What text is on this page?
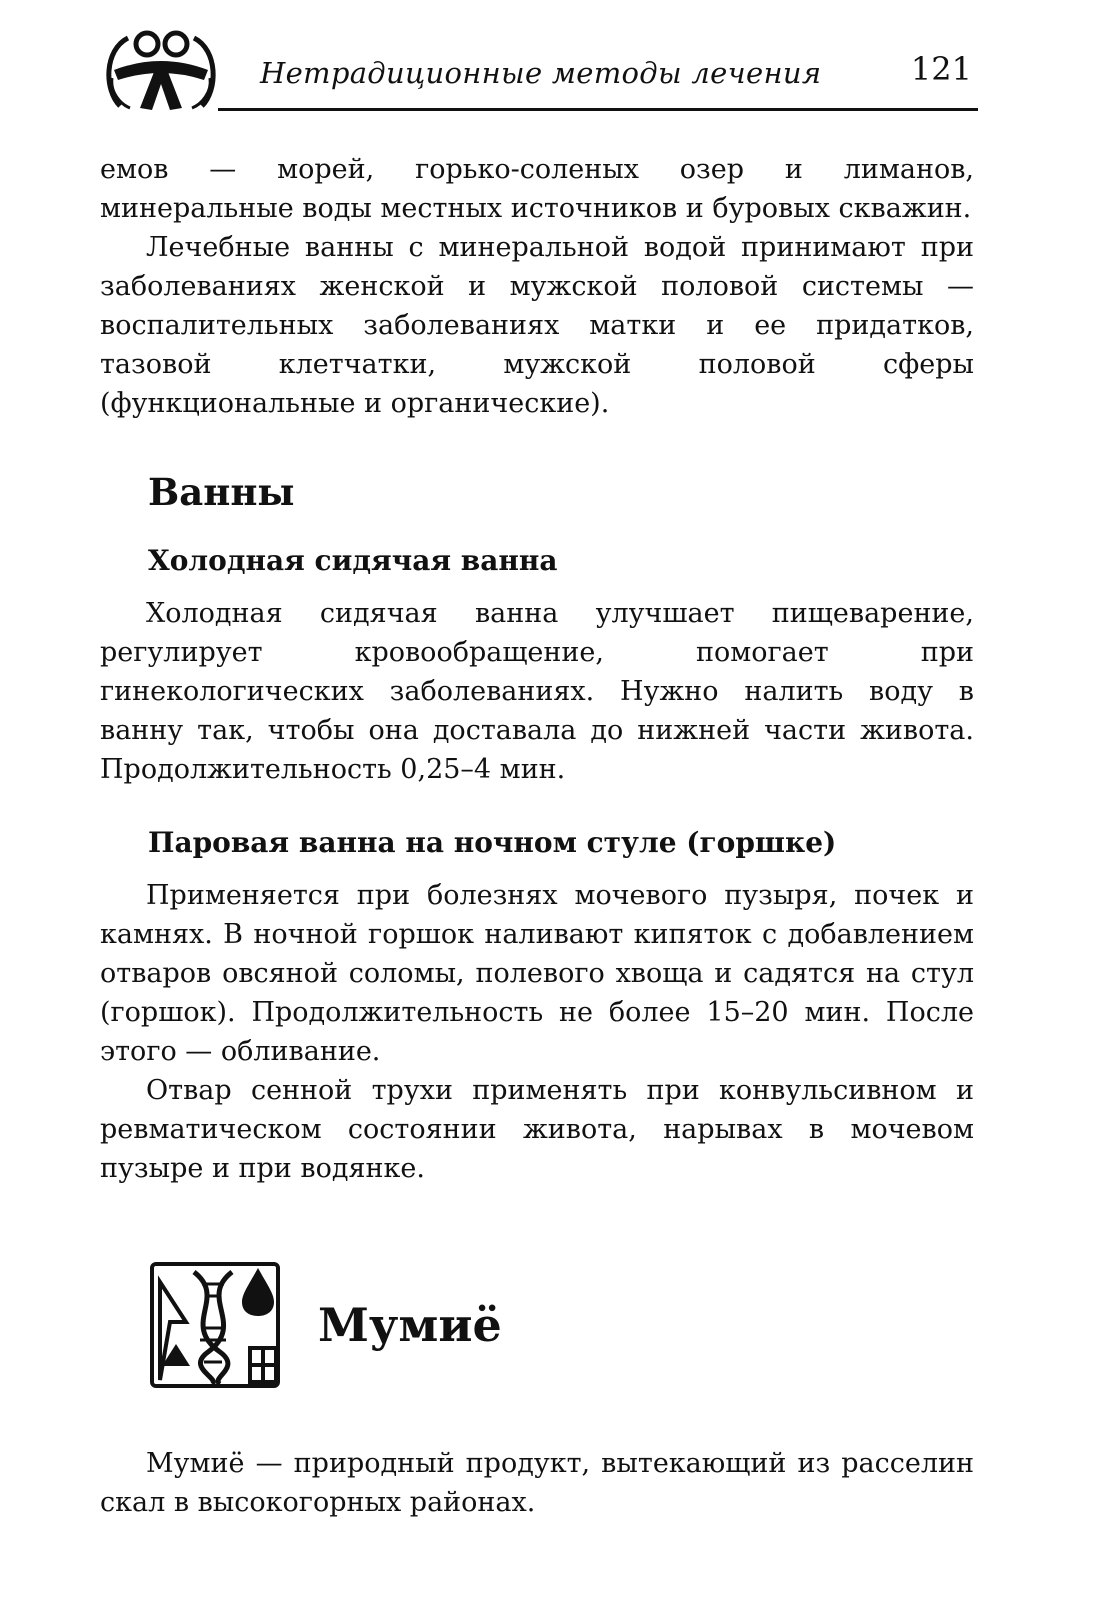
Нетрадиционные методы лечения	121

емов — морей, горько-соленых озер и лиманов, минеральные воды местных источников и буровых скважин.

Лечебные ванны с минеральной водой принимают при заболеваниях женской и мужской половой системы — воспалительных заболеваниях матки и ее придатков, тазовой клетчатки, мужской половой сферы (функциональные и органические).

Ванны
Холодная сидячая ванна

Холодная сидячая ванна улучшает пищеварение, регулирует кровообращение, помогает при гинекологических заболеваниях. Нужно налить воду в ванну так, чтобы она доставала до нижней части живота. Продолжительность 0,25–4 мин.

Паровая ванна на ночном стуле (горшке)

Применяется при болезнях мочевого пузыря, почек и камнях. В ночной горшок наливают кипяток с добавлением отваров овсяной соломы, полевого хвоща и садятся на стул (горшок). Продолжительность не более 15–20 мин. После этого — обливание.

Отвар сенной трухи применять при конвульсивном и ревматическом состоянии живота, нарывах в мочевом пузыре и при водянке.

Мумиё

Мумиё — природный продукт, вытекающий из расселин скал в высокогорных районах.
